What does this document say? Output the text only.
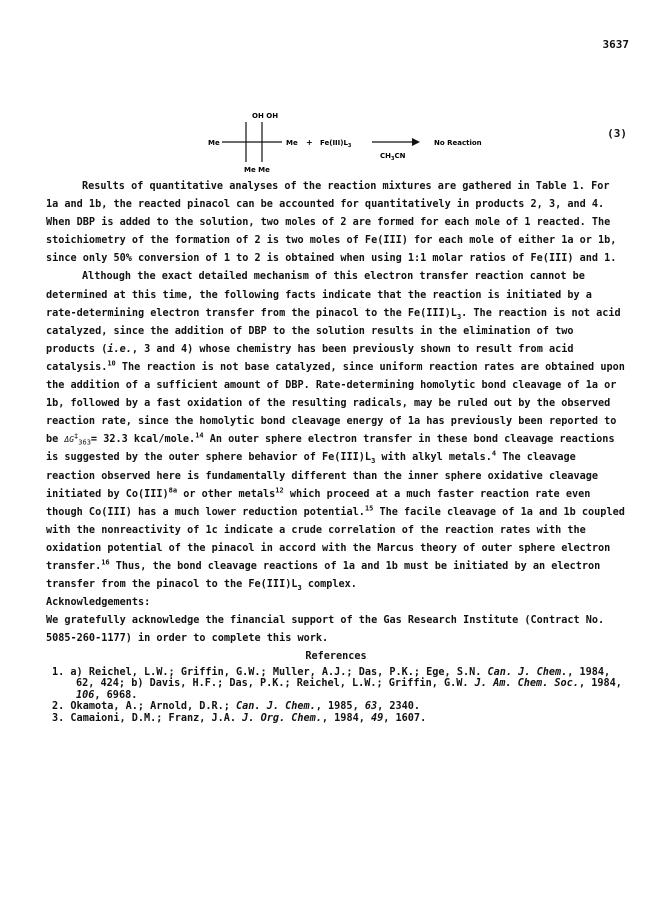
3637
OH OH
Me	Me
Me Me
+ $Fe(III)L_3$
$CH_3CN$
No Reaction
(3)

Results of quantitative analyses of the reaction mixtures are gathered in Table 1. For 1a and 1b, the reacted pinacol can be accounted for quantitatively in products 2, 3, and 4. When DBP is added to the solution, two moles of 2 are formed for each mole of 1 reacted. The stoichiometry of the formation of 2 is two moles of Fe(III) for each mole of either 1a or 1b, since only 50% conversion of 1 to 2 is obtained when using 1:1 molar ratios of Fe(III) and 1.

Although the exact detailed mechanism of this electron transfer reaction cannot be determined at this time, the following facts indicate that the reaction is initiated by a rate-determining electron transfer from the pinacol to the $Fe(III)L_3$. The reaction is not acid catalyzed, since the addition of DBP to the solution results in the elimination of two products (i.e., 3 and 4) whose chemistry has been previously shown to result from acid catalysis.$^{10}$ The reaction is not base catalyzed, since uniform reaction rates are obtained upon the addition of a sufficient amount of DBP. Rate-determining homolytic bond cleavage of 1a or 1b, followed by a fast oxidation of the resulting radicals, may be ruled out by the observed reaction rate, since the homolytic bond cleavage energy of 1a has previously been reported to be $\Delta G^\ddagger_{363}= 32.3$ kcal/mole.$^{14}$ An outer sphere electron transfer in these bond cleavage reactions is suggested by the outer sphere behavior of $Fe(III)L_3$ with alkyl metals.$^4$ The cleavage reaction observed here is fundamentally different than the inner sphere oxidative cleavage initiated by Co(III)$^{8a}$ or other metals$^{12}$ which proceed at a much faster reaction rate even though Co(III) has a much lower reduction potential.$^{15}$ The facile cleavage of 1a and 1b coupled with the nonreactivity of 1c indicate a crude correlation of the reaction rates with the oxidation potential of the pinacol in accord with the Marcus theory of outer sphere electron transfer.$^{16}$ Thus, the bond cleavage reactions of 1a and 1b must be initiated by an electron transfer from the pinacol to the $Fe(III)L_3$ complex.

Acknowledgements:

We gratefully acknowledge the financial support of the Gas Research Institute (Contract No. 5085-260-1177) in order to complete this work.

References

1. a) Reichel, L.W.; Griffin, G.W.; Muller, A.J.; Das, P.K.; Ege, S.N. Can. J. Chem., 1984, 62, 424; b) Davis, H.F.; Das, P.K.; Reichel, L.W.; Griffin, G.W. J. Am. Chem. Soc., 1984, 106, 6968.
2. Okamota, A.; Arnold, D.R.; Can. J. Chem., 1985, 63, 2340.
3. Camaioni, D.M.; Franz, J.A. J. Org. Chem., 1984, 49, 1607.
